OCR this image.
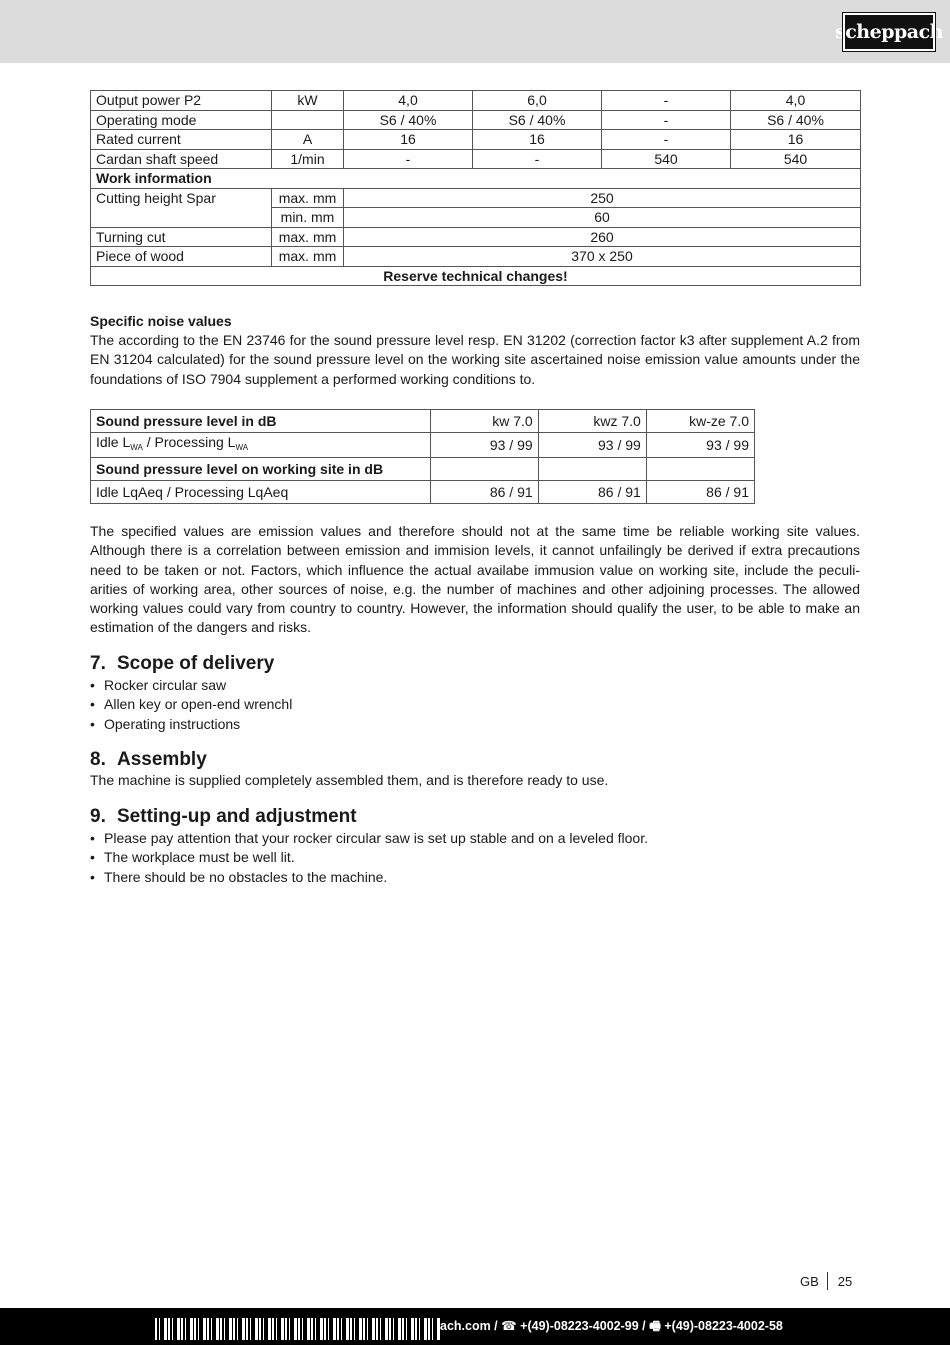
scheppach
Output power P2	kW	4,0	6,0	-	4,0
Operating mode		S6 / 40%	S6 / 40%	-	S6 / 40%
Rated current	A	16	16	-	16
Cardan shaft speed	1/min	-	-	540	540
Work information					
Cutting height Spar	max. mm	250			
	min. mm	60			
Turning cut	max. mm	260			
Piece of wood	max. mm	370 x 250			
Reserve technical changes!					

Specific noise values

The according to the EN 23746 for the sound pressure level resp. EN 31202 (correction factor k3 after supplement A.2 from EN 31204 calculated) for the sound pressure level on the working site ascertained noise emission value amounts under the foundations of ISO 7904 supplement a performed working conditions to.

Sound pressure level in dB	kw 7.0	kwz 7.0	kw-ze 7.0
Idle $L_{WA}$ / Processing $L_{WA}$	93 / 99	93 / 99	93 / 99
Sound pressure level on working site in dB			
Idle LqAeq / Processing LqAeq	86 / 91	86 / 91	86 / 91

The specified values are emission values and therefore should not at the same time be reliable working site values. Although there is a correlation between emission and immision levels, it cannot unfailingly be derived if extra precautions need to be taken or not. Factors, which influence the actual availabe immusion value on working site, include the peculi-arities of working area, other sources of noise, e.g. the number of machines and other adjoining processes. The allowed working values could vary from country to country. However, the information should qualify the user, to be able to make an estimation of the dangers and risks.

7. Scope of delivery
• Rocker circular saw
• Allen key or open-end wrenchl
• Operating instructions
8. Assembly

The machine is supplied completely assembled them, and is therefore ready to use.

9. Setting-up and adjustment
• Please pay attention that your rocker circular saw is set up stable and on a leveled floor.
• The workplace must be well lit.
• There should be no obstacles to the machine.
GB 25
ach.com / ☎ +(49)-08223-4002-99 / 🖷 +(49)-08223-4002-58
